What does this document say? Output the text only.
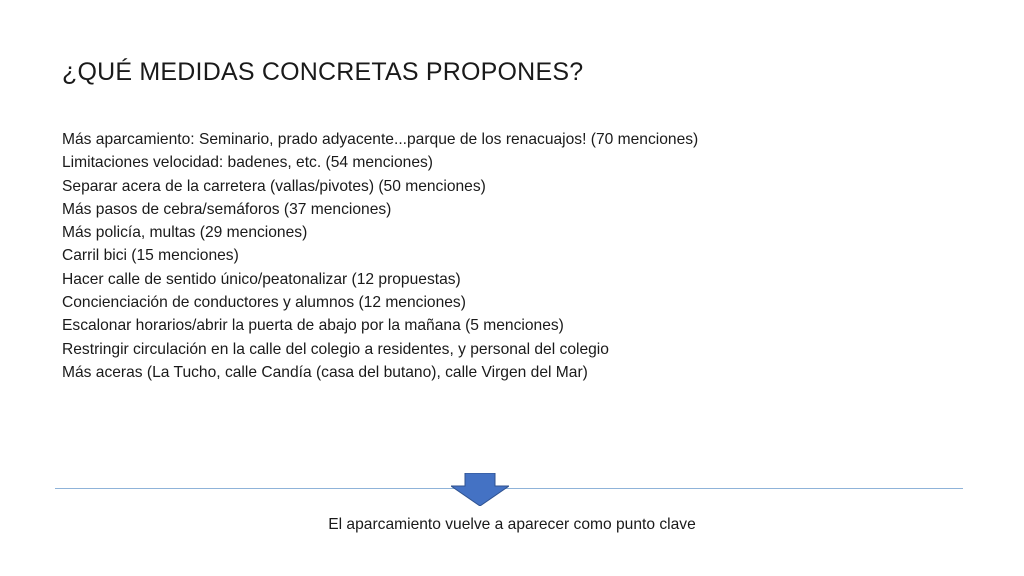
¿QUÉ MEDIDAS CONCRETAS PROPONES?
Más aparcamiento: Seminario, prado adyacente...parque de los renacuajos! (70 menciones)
Limitaciones velocidad: badenes, etc. (54 menciones)
Separar acera de la carretera (vallas/pivotes) (50 menciones)
Más pasos de cebra/semáforos (37 menciones)
Más policía, multas (29 menciones)
Carril bici (15 menciones)
Hacer calle de sentido único/peatonalizar (12 propuestas)
Concienciación de conductores y alumnos (12 menciones)
Escalonar horarios/abrir la puerta de abajo por la mañana (5 menciones)
Restringir circulación en la calle del colegio a residentes, y personal del colegio
Más aceras (La Tucho, calle Candía (casa del butano), calle Virgen del Mar)

El aparcamiento vuelve a aparecer como punto clave
